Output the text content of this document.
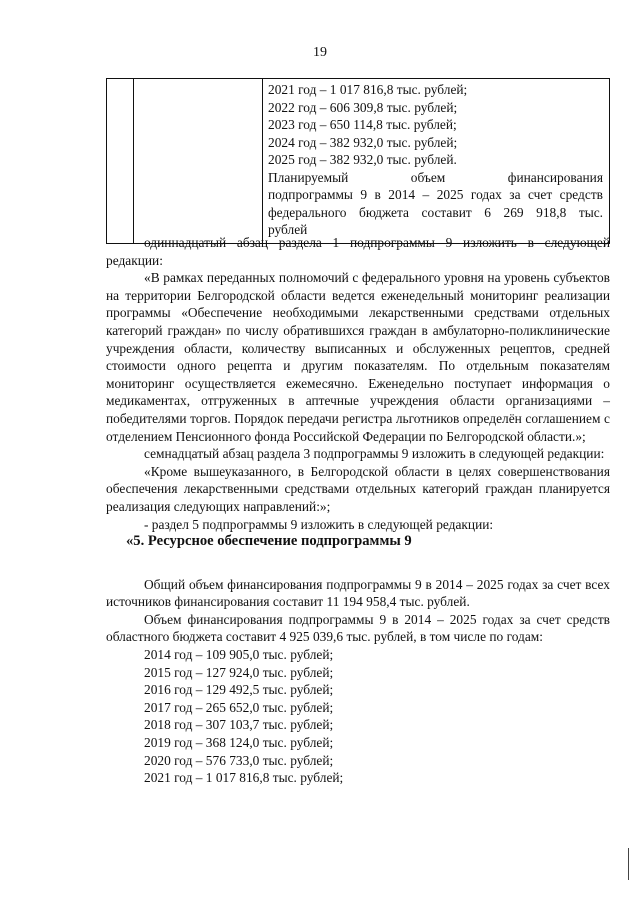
19

2021 год – 1 017 816,8 тыс. рублей;
2022 год – 606 309,8 тыс. рублей;
2023 год – 650 114,8 тыс. рублей;
2024 год – 382 932,0 тыс. рублей;
2025 год – 382 932,0 тыс. рублей.
Планируемый объем финансирования
подпрограммы 9 в 2014 – 2025 годах за счет средств
федерального бюджета составит 6 269 918,8 тыс.
рублей

одиннадцатый абзац раздела 1 подпрограммы 9 изложить в следующей редакции:

«В рамках переданных полномочий с федерального уровня на уровень субъектов на территории Белгородской области ведется еженедельный мониторинг реализации программы «Обеспечение необходимыми лекарственными средствами отдельных категорий граждан» по числу обратившихся граждан в амбулаторно-поликлинические учреждения области, количеству выписанных и обслуженных рецептов, средней стоимости одного рецепта и другим показателям. По отдельным показателям мониторинг осуществляется ежемесячно. Еженедельно поступает информация о медикаментах, отгруженных в аптечные учреждения области организациями – победителями торгов. Порядок передачи регистра льготников определён соглашением с отделением Пенсионного фонда Российской Федерации по Белгородской области.»;

семнадцатый абзац раздела 3 подпрограммы 9 изложить в следующей редакции:

«Кроме вышеуказанного, в Белгородской области в целях совершенствования обеспечения лекарственными средствами отдельных категорий граждан планируется реализация следующих направлений:»;

- раздел 5 подпрограммы 9 изложить в следующей редакции:

«5. Ресурсное обеспечение подпрограммы 9

Общий объем финансирования подпрограммы 9 в 2014 – 2025 годах за счет всех источников финансирования составит 11 194 958,4 тыс. рублей.

Объем финансирования подпрограммы 9 в 2014 – 2025 годах за счет средств областного бюджета составит 4 925 039,6 тыс. рублей, в том числе по годам:

2014 год – 109 905,0 тыс. рублей;

2015 год – 127 924,0 тыс. рублей;

2016 год – 129 492,5 тыс. рублей;

2017 год – 265 652,0 тыс. рублей;

2018 год – 307 103,7 тыс. рублей;

2019 год – 368 124,0 тыс. рублей;

2020 год – 576 733,0 тыс. рублей;

2021 год – 1 017 816,8 тыс. рублей;
